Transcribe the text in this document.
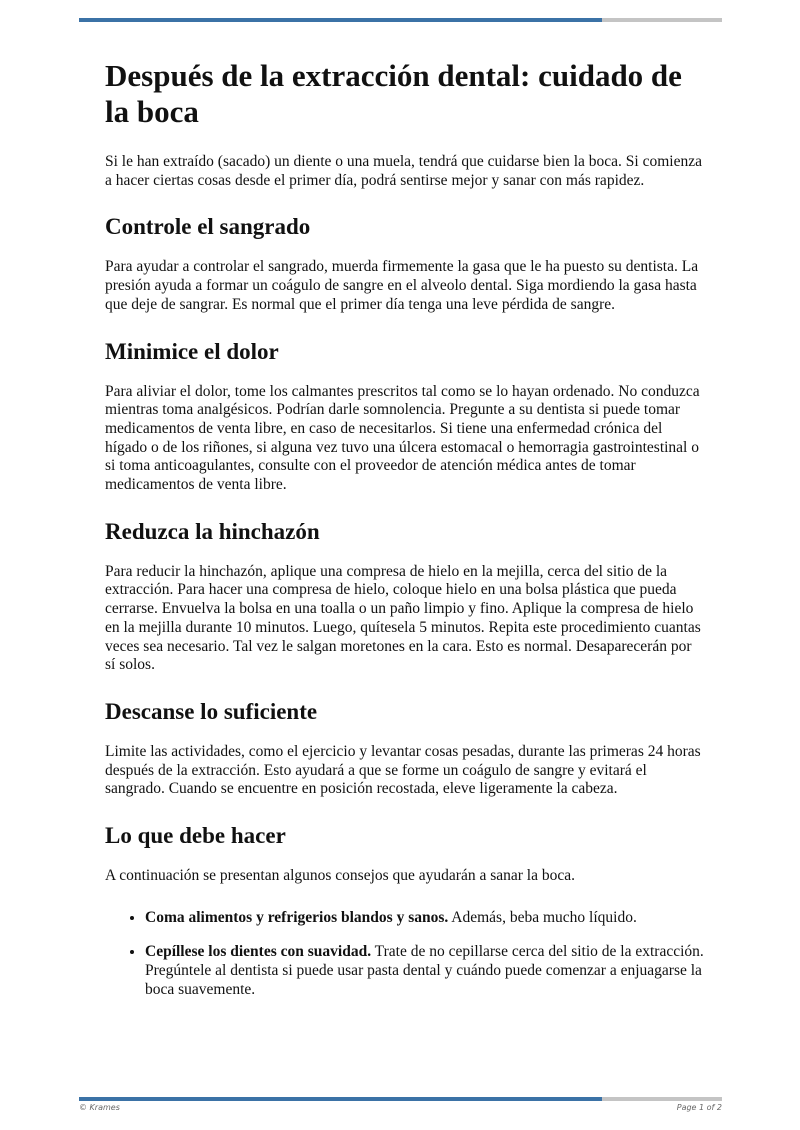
Después de la extracción dental: cuidado de la boca

Si le han extraído (sacado) un diente o una muela, tendrá que cuidarse bien la boca. Si comienza a hacer ciertas cosas desde el primer día, podrá sentirse mejor y sanar con más rapidez.

Controle el sangrado

Para ayudar a controlar el sangrado, muerda firmemente la gasa que le ha puesto su dentista. La presión ayuda a formar un coágulo de sangre en el alveolo dental. Siga mordiendo la gasa hasta que deje de sangrar. Es normal que el primer día tenga una leve pérdida de sangre.

Minimice el dolor

Para aliviar el dolor, tome los calmantes prescritos tal como se lo hayan ordenado. No conduzca mientras toma analgésicos. Podrían darle somnolencia. Pregunte a su dentista si puede tomar medicamentos de venta libre, en caso de necesitarlos. Si tiene una enfermedad crónica del hígado o de los riñones, si alguna vez tuvo una úlcera estomacal o hemorragia gastrointestinal o si toma anticoagulantes, consulte con el proveedor de atención médica antes de tomar medicamentos de venta libre.

Reduzca la hinchazón

Para reducir la hinchazón, aplique una compresa de hielo en la mejilla, cerca del sitio de la extracción. Para hacer una compresa de hielo, coloque hielo en una bolsa plástica que pueda cerrarse. Envuelva la bolsa en una toalla o un paño limpio y fino. Aplique la compresa de hielo en la mejilla durante 10 minutos. Luego, quítesela 5 minutos. Repita este procedimiento cuantas veces sea necesario. Tal vez le salgan moretones en la cara. Esto es normal. Desaparecerán por sí solos.

Descanse lo suficiente

Limite las actividades, como el ejercicio y levantar cosas pesadas, durante las primeras 24 horas después de la extracción. Esto ayudará a que se forme un coágulo de sangre y evitará el sangrado. Cuando se encuentre en posición recostada, eleve ligeramente la cabeza.

Lo que debe hacer

A continuación se presentan algunos consejos que ayudarán a sanar la boca.

• Coma alimentos y refrigerios blandos y sanos. Además, beba mucho líquido.
• Cepíllese los dientes con suavidad. Trate de no cepillarse cerca del sitio de la extracción. Pregúntele al dentista si puede usar pasta dental y cuándo puede comenzar a enjuagarse la boca suavemente.
© Krames	Page 1 of 2
